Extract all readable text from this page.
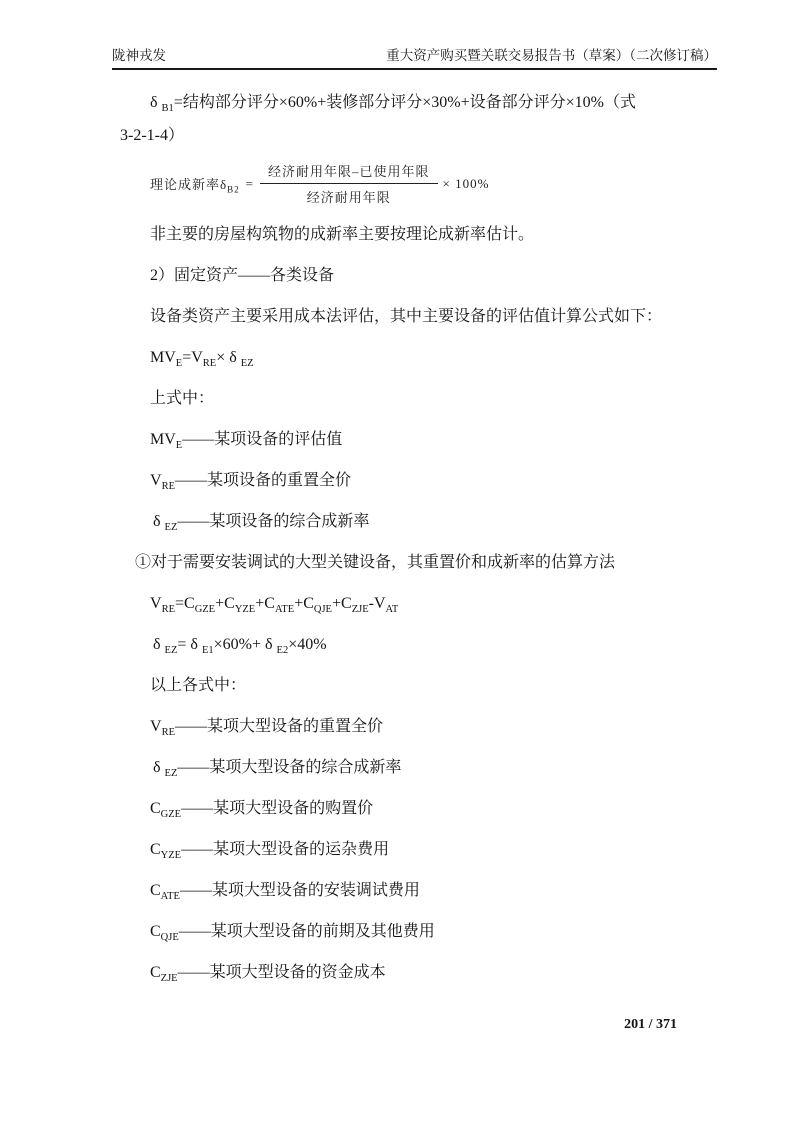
陇神戎发	重大资产购买暨关联交易报告书（草案）（二次修订稿）
δ $_{B1}$=结构部分评分×60%+装修部分评分×30%+设备部分评分×10%（式
3-2-1-4）
理论成新率$\delta_{B2} = \frac{\text{经济耐用年限–已使用年限}}{\text{经济耐用年限}} \times 100\%$
非主要的房屋构筑物的成新率主要按理论成新率估计。
2）固定资产——各类设备
设备类资产主要采用成本法评估，其中主要设备的评估值计算公式如下：
$MV_E=V_{RE}\times \delta$ $_{EZ}$
上式中：
$MV_E——$某项设备的评估值
$V_{RE}——$某项设备的重置全价
δ $_{EZ}$——某项设备的综合成新率
①对于需要安装调试的大型关键设备，其重置价和成新率的估算方法
$V_{RE}=C_{GZE}+C_{YZE}+C_{ATE}+C_{QJE}+C_{ZJE}-V_{AT}$
δ $_{EZ}$= δ $_{E1}$×60%+ δ $_{E2}$×40%
以上各式中：
$V_{RE}——$某项大型设备的重置全价
δ $_{EZ}$——某项大型设备的综合成新率
$C_{GZE}——$某项大型设备的购置价
$C_{YZE}——$某项大型设备的运杂费用
$C_{ATE}——$某项大型设备的安装调试费用
$C_{QJE}——$某项大型设备的前期及其他费用
$C_{ZJE}——$某项大型设备的资金成本
201 / 371
